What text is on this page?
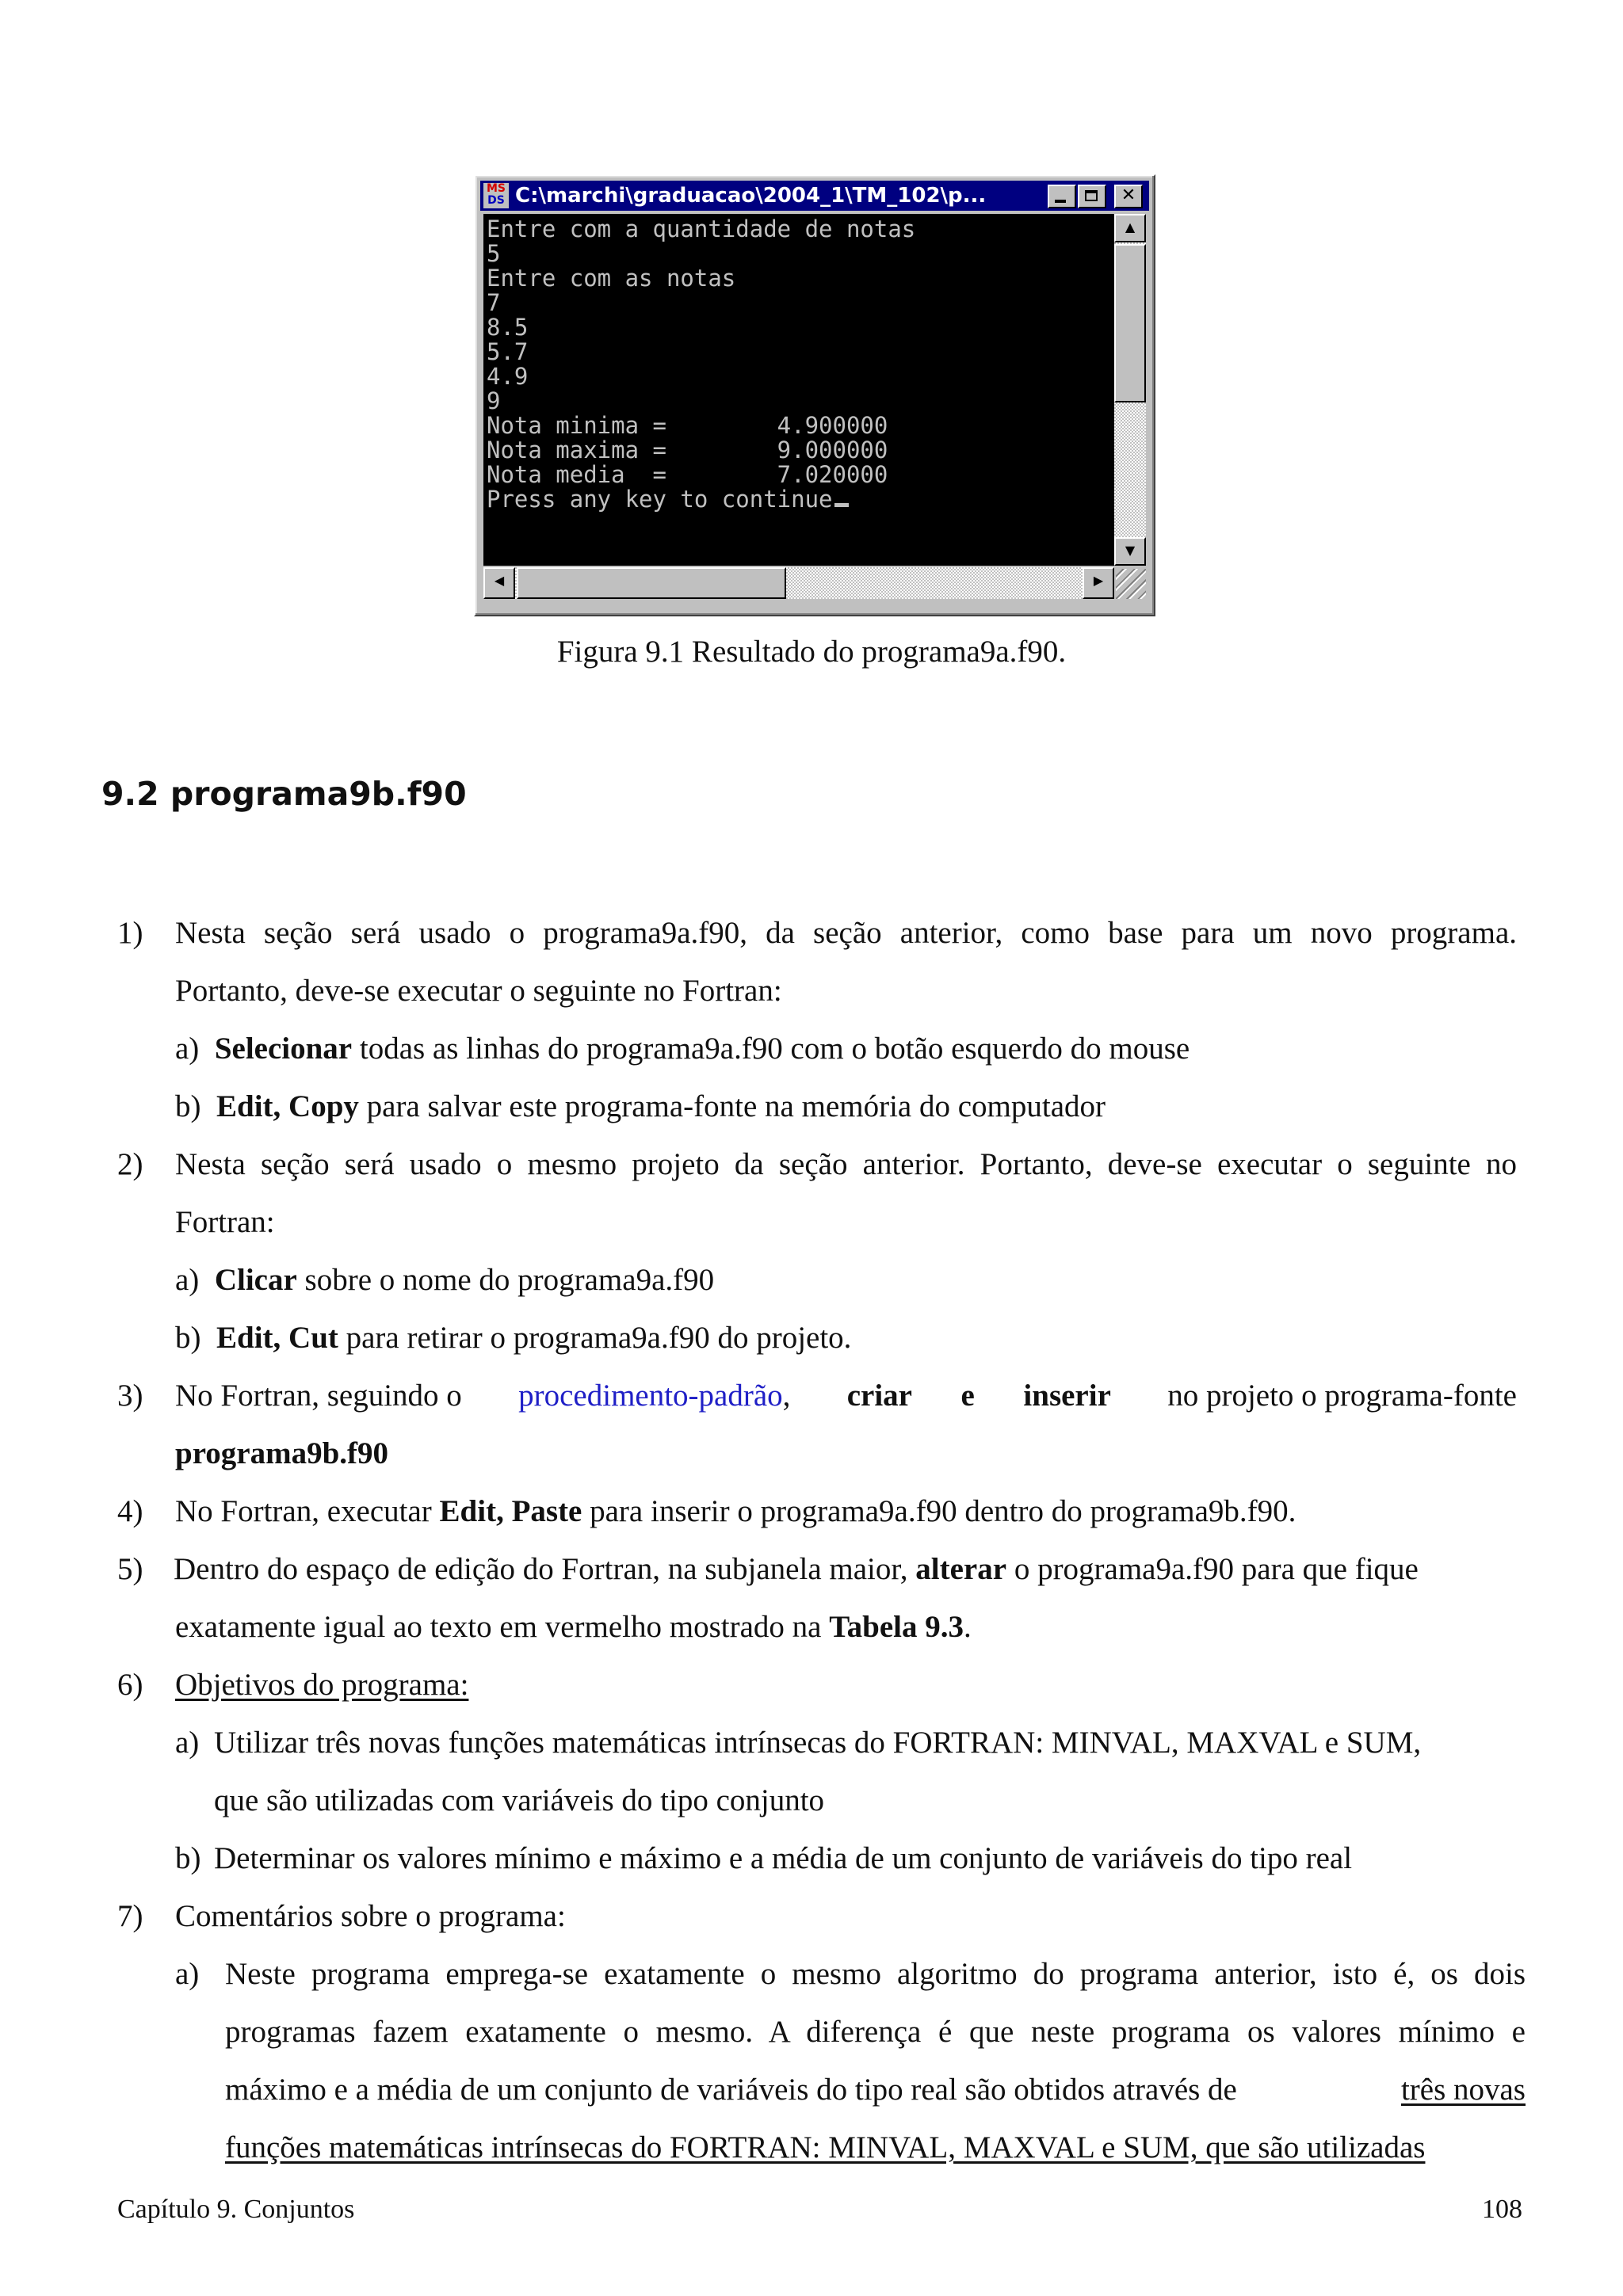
MS
DS C:\marchi\graduacao\2004_1\TM_102\p...	✕
Entre com a quantidade de notas
5
Entre com as notas
7
8.5
5.7
4.9
9
Nota minima =        4.900000
Nota maxima =        9.000000
Nota media  =        7.020000
Press any key to continue
▲
▼
◀	▶
Figura 9.1 Resultado do programa9a.f90.
9.2 programa9b.f90
1) Nesta seção será usado o programa9a.f90, da seção anterior, como base para um novo programa.
Portanto, deve-se executar o seguinte no Fortran:
a) Selecionar todas as linhas do programa9a.f90 com o botão esquerdo do mouse
b) Edit, Copy para salvar este programa-fonte na memória do computador
2) Nesta seção será usado o mesmo projeto da seção anterior. Portanto, deve-se executar o seguinte no
Fortran:
a) Clicar sobre o nome do programa9a.f90
b) Edit, Cut para retirar o programa9a.f90 do projeto.
3) No Fortran, seguindo o procedimento-padrão, criar e inserir no projeto o programa-fonte
programa9b.f90
4) No Fortran, executar Edit, Paste para inserir o programa9a.f90 dentro do programa9b.f90.
5) Dentro do espaço de edição do Fortran, na subjanela maior, alterar o programa9a.f90 para que fique
exatamente igual ao texto em vermelho mostrado na Tabela 9.3.
6) Objetivos do programa:
a) Utilizar três novas funções matemáticas intrínsecas do FORTRAN: MINVAL, MAXVAL e SUM,
que são utilizadas com variáveis do tipo conjunto
b) Determinar os valores mínimo e máximo e a média de um conjunto de variáveis do tipo real
7) Comentários sobre o programa:
a) Neste programa emprega-se exatamente o mesmo algoritmo do programa anterior, isto é, os dois
programas fazem exatamente o mesmo. A diferença é que neste programa os valores mínimo e
máximo e a média de um conjunto de variáveis do tipo real são obtidos através de	três novas
funções matemáticas intrínsecas do FORTRAN: MINVAL, MAXVAL e SUM, que são utilizadas
Capítulo 9. Conjuntos	108
